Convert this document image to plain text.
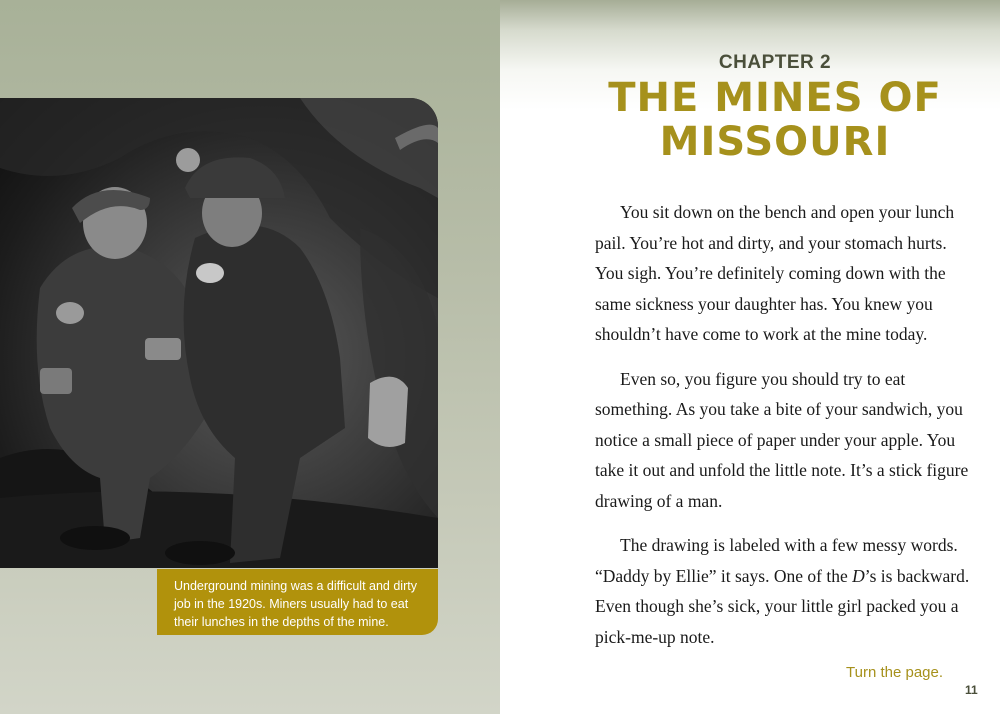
Underground mining was a difficult and dirty job in the 1920s. Miners usually had to eat their lunches in the depths of the mine.
CHAPTER 2
THE MINES OF
MISSOURI

You sit down on the bench and open your lunch pail. You’re hot and dirty, and your stomach hurts. You sigh. You’re definitely coming down with the same sickness your daughter has. You knew you shouldn’t have come to work at the mine today.

Even so, you figure you should try to eat something. As you take a bite of your sandwich, you notice a small piece of paper under your apple. You take it out and unfold the little note. It’s a stick figure drawing of a man.

The drawing is labeled with a few messy words. “Daddy by Ellie” it says. One of the D’s is backward. Even though she’s sick, your little girl packed you a pick-me-up note.

Turn the page.
11
